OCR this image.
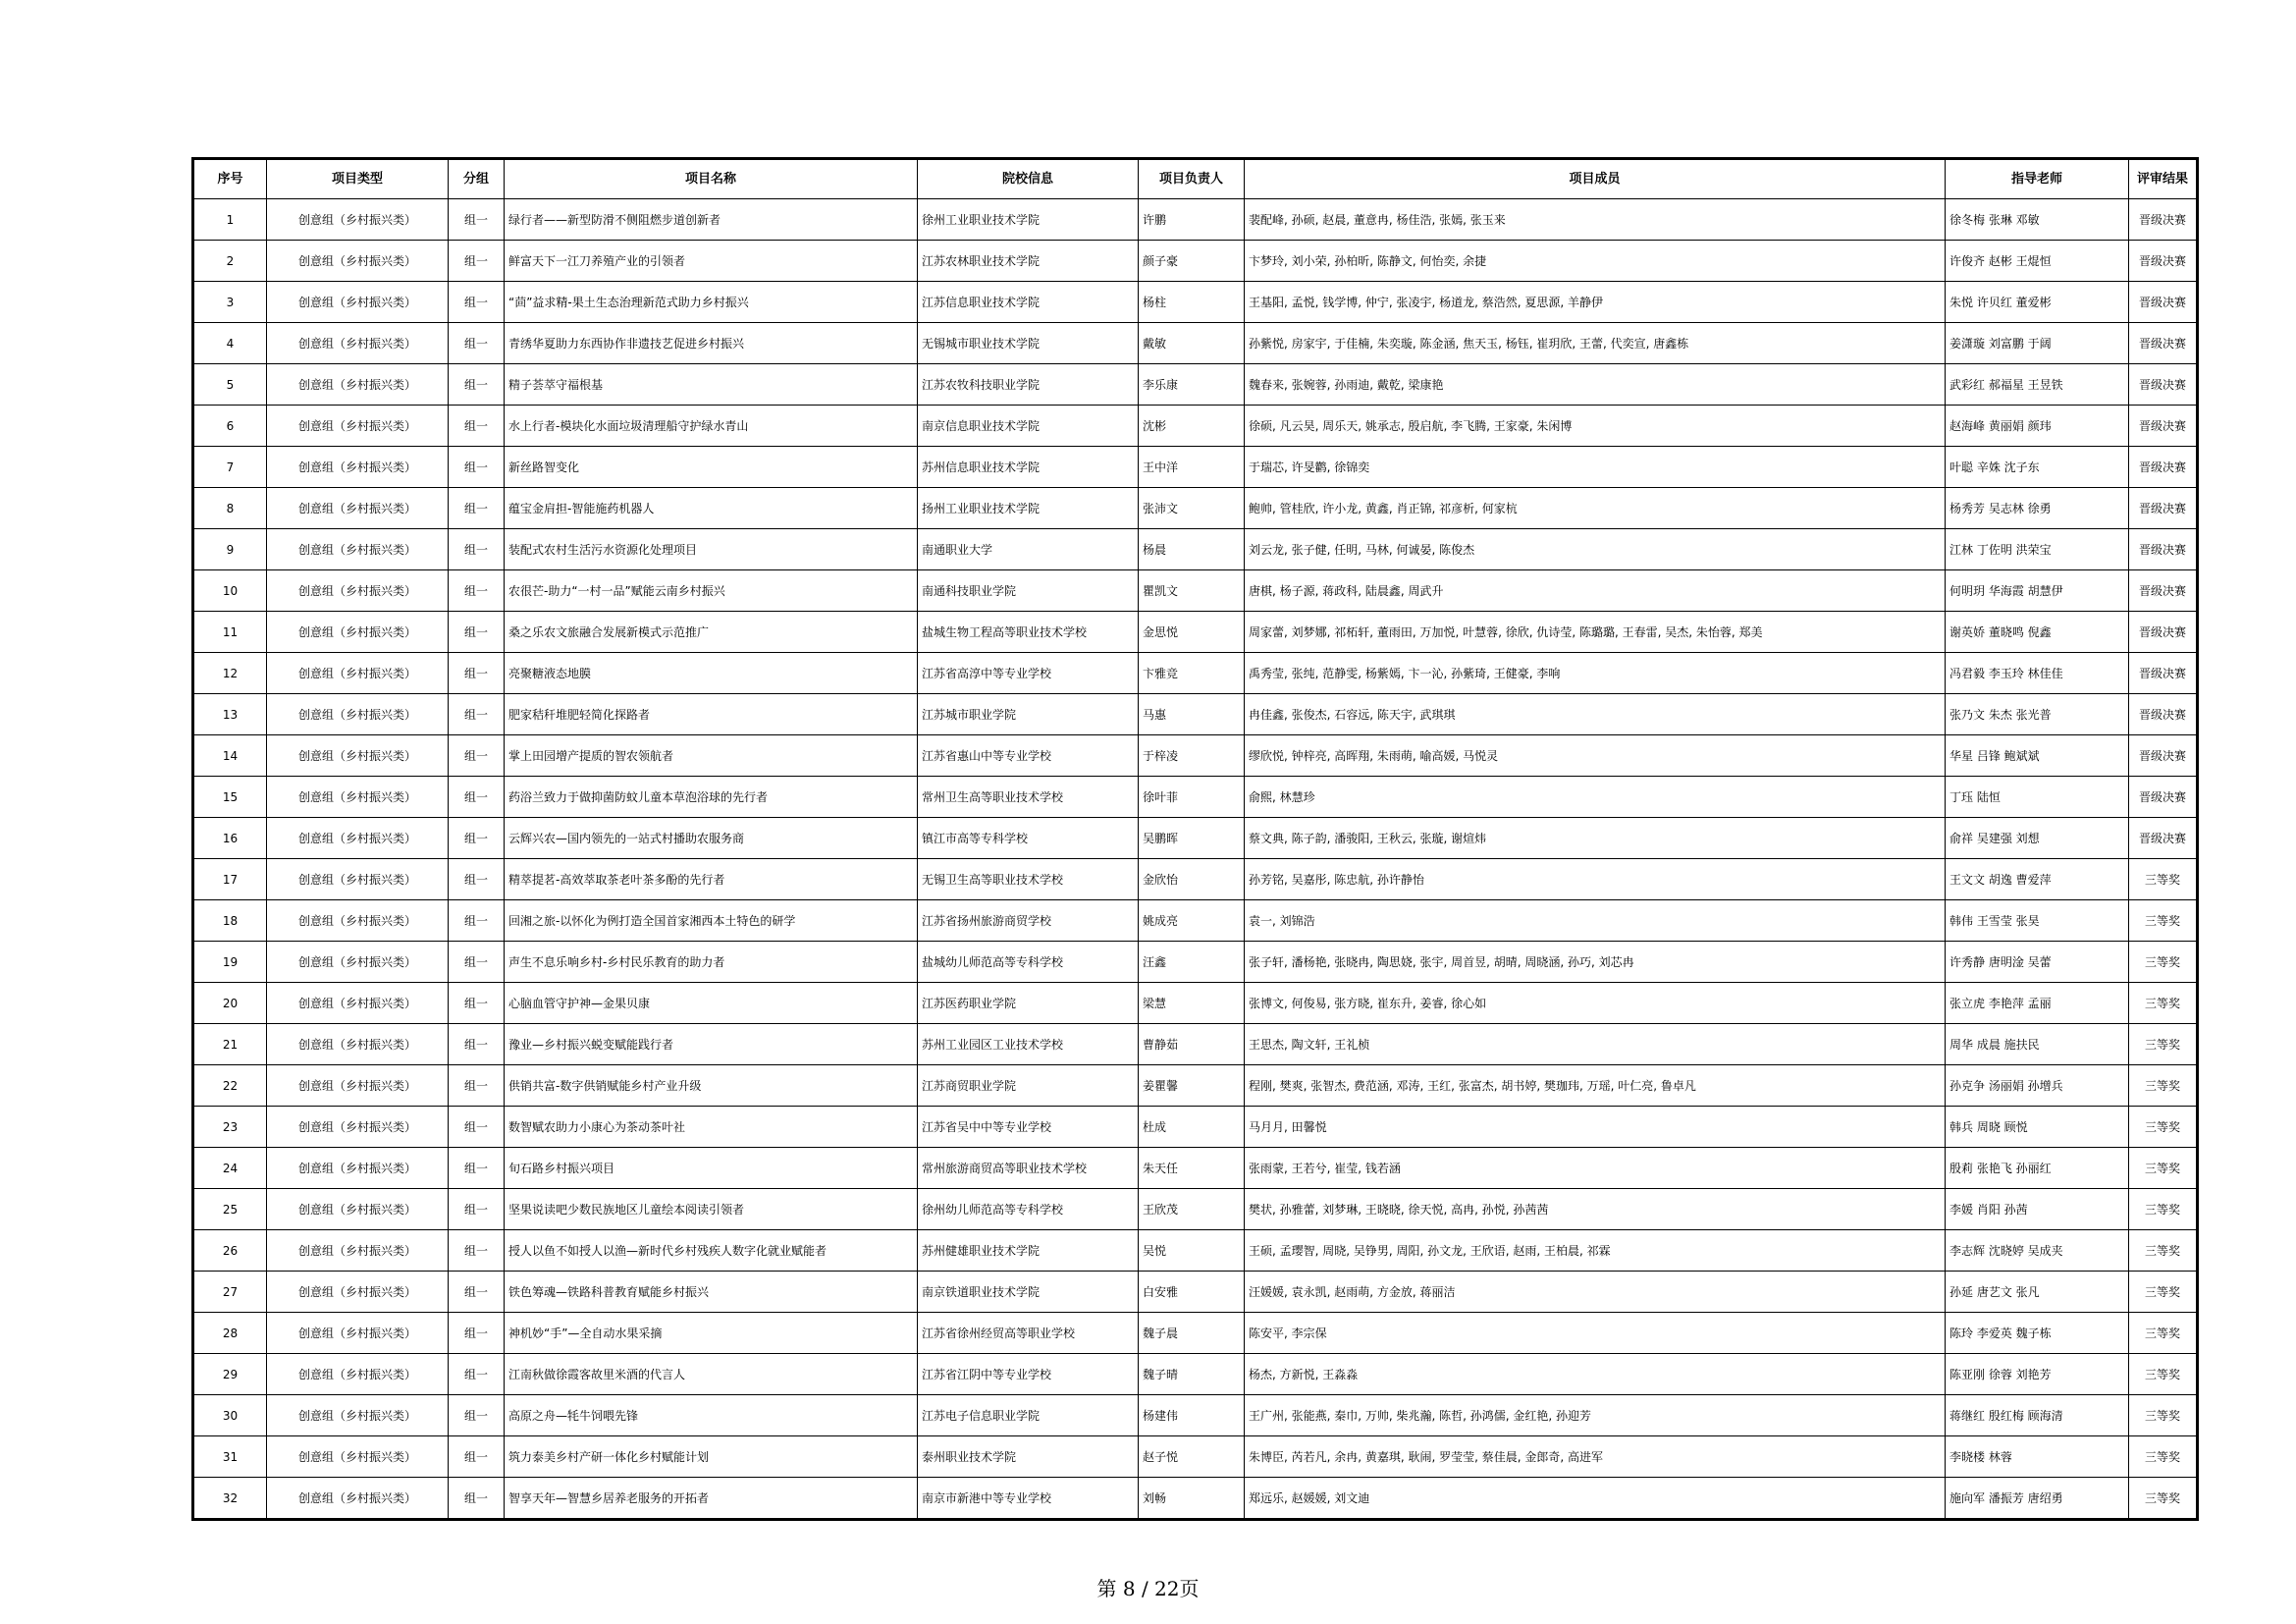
序号	项目类型	分组	项目名称	院校信息	项目负责人	项目成员	指导老师	评审结果
1	创意组（乡村振兴类）	组一	绿行者——新型防滑不侧阻燃步道创新者	徐州工业职业技术学院	许鹏	裴配峰, 孙硕, 赵晨, 董意冉, 杨佳浩, 张嫣, 张玉来	徐冬梅 张琳 邓敏	晋级决赛
2	创意组（乡村振兴类）	组一	鲜富天下一江刀养殖产业的引领者	江苏农林职业技术学院	颜子豪	卞梦玲, 刘小荣, 孙柏昕, 陈静文, 何怡奕, 余捷	许俊齐 赵彬 王焜恒	晋级决赛
3	创意组（乡村振兴类）	组一	“茴”益求精-果土生态治理新范式助力乡村振兴	江苏信息职业技术学院	杨柱	王基阳, 孟悦, 钱学博, 仲宁, 张凌宇, 杨道龙, 蔡浩然, 夏思源, 羊静伊	朱悦 许贝红 董爱彬	晋级决赛
4	创意组（乡村振兴类）	组一	青绣华夏助力东西协作非遗技艺促进乡村振兴	无锡城市职业技术学院	戴敏	孙紫悦, 房家宇, 于佳楠, 朱奕璇, 陈金涵, 焦天玉, 杨钰, 崔玥欣, 王蕾, 代奕宣, 唐鑫栋	姜潇璇 刘富鹏 于阔	晋级决赛
5	创意组（乡村振兴类）	组一	精子荟萃守福根基	江苏农牧科技职业学院	李乐康	魏春来, 张婉蓉, 孙雨迪, 戴乾, 梁康艳	武彩红 郝福星 王昱铁	晋级决赛
6	创意组（乡村振兴类）	组一	水上行者-模块化水面垃圾清理船守护绿水青山	南京信息职业技术学院	沈彬	徐硕, 凡云昊, 周乐天, 姚承志, 殷启航, 李飞腾, 王家豪, 朱闲博	赵海峰 黄丽娟 颜玮	晋级决赛
7	创意组（乡村振兴类）	组一	新丝路智变化	苏州信息职业技术学院	王中洋	于瑞芯, 许旻鹳, 徐锦奕	叶聪 辛姝 沈子东	晋级决赛
8	创意组（乡村振兴类）	组一	蕴宝金肩担-智能施药机器人	扬州工业职业技术学院	张沛文	鲍帅, 管桂欣, 许小龙, 黄鑫, 肖正锦, 祁彦析, 何家杭	杨秀芳 吴志林 徐勇	晋级决赛
9	创意组（乡村振兴类）	组一	装配式农村生活污水资源化处理项目	南通职业大学	杨晨	刘云龙, 张子健, 任明, 马林, 何诚晏, 陈俊杰	江林 丁佐明 洪荣宝	晋级决赛
10	创意组（乡村振兴类）	组一	农很芒-助力“一村一品”赋能云南乡村振兴	南通科技职业学院	瞿凯文	唐棋, 杨子源, 蒋政科, 陆晨鑫, 周武升	何明玥 华海霞 胡慧伊	晋级决赛
11	创意组（乡村振兴类）	组一	桑之乐农文旅融合发展新模式示范推广	盐城生物工程高等职业技术学校	金思悦	周家蕾, 刘梦娜, 祁柘轩, 董雨田, 万加悦, 叶慧蓉, 徐欣, 仇诗莹, 陈璐璐, 王春雷, 吴杰, 朱怡蓉, 郑美	谢英娇 董晓鸣 倪鑫	晋级决赛
12	创意组（乡村振兴类）	组一	亮聚糖液态地膜	江苏省高淳中等专业学校	卞雅竞	禹秀莹, 张纯, 范静雯, 杨紫嫣, 卞一沁, 孙紫琦, 王健豪, 李响	冯君毅 李玉玲 林佳佳	晋级决赛
13	创意组（乡村振兴类）	组一	肥家秸秆堆肥轻简化探路者	江苏城市职业学院	马惠	冉佳鑫, 张俊杰, 石容远, 陈天宇, 武琪琪	张乃文 朱杰 张光普	晋级决赛
14	创意组（乡村振兴类）	组一	掌上田园增产提质的智农领航者	江苏省惠山中等专业学校	于梓凌	缪欣悦, 钟梓亮, 高晖翔, 朱雨萌, 喻高媛, 马悦灵	华星 吕锋 鲍斌斌	晋级决赛
15	创意组（乡村振兴类）	组一	药浴兰致力于做抑菌防蚊儿童本草泡浴球的先行者	常州卫生高等职业技术学校	徐叶菲	俞熙, 林慧珍	丁珏 陆恒	晋级决赛
16	创意组（乡村振兴类）	组一	云辉兴农—国内领先的一站式村播助农服务商	镇江市高等专科学校	吴鹏晖	蔡文典, 陈子韵, 潘骏阳, 王秋云, 张璇, 谢煊炜	俞祥 吴建强 刘想	晋级决赛
17	创意组（乡村振兴类）	组一	精萃提茗-高效萃取茶老叶茶多酚的先行者	无锡卫生高等职业技术学校	金欣怡	孙芳铭, 吴嘉彤, 陈忠航, 孙许静怡	王文文 胡逸 曹爱萍	三等奖
18	创意组（乡村振兴类）	组一	回湘之旅-以怀化为例打造全国首家湘西本土特色的研学	江苏省扬州旅游商贸学校	姚成亮	袁一, 刘锦浩	韩伟 王雪莹 张昊	三等奖
19	创意组（乡村振兴类）	组一	声生不息乐响乡村-乡村民乐教育的助力者	盐城幼儿师范高等专科学校	汪鑫	张子轩, 潘杨艳, 张晓冉, 陶思娆, 张宇, 周首昱, 胡晴, 周晓涵, 孙巧, 刘芯冉	许秀静 唐明淦 吴蕾	三等奖
20	创意组（乡村振兴类）	组一	心脑血管守护神—金果贝康	江苏医药职业学院	梁慧	张博文, 何俊易, 张方晓, 崔东升, 姜睿, 徐心如	张立虎 李艳萍 孟丽	三等奖
21	创意组（乡村振兴类）	组一	豫业—乡村振兴蜕变赋能践行者	苏州工业园区工业技术学校	曹静茹	王思杰, 陶文轩, 王礼桢	周华 成晨 施扶民	三等奖
22	创意组（乡村振兴类）	组一	供销共富-数字供销赋能乡村产业升级	江苏商贸职业学院	姜瞿馨	程刚, 樊爽, 张智杰, 费范涵, 邓涛, 王红, 张富杰, 胡书婷, 樊珈玮, 万瑶, 叶仁亮, 鲁卓凡	孙克争 汤丽娟 孙增兵	三等奖
23	创意组（乡村振兴类）	组一	数智赋农助力小康心为茶动茶叶社	江苏省吴中中等专业学校	杜成	马月月, 田馨悦	韩兵 周晓 顾悦	三等奖
24	创意组（乡村振兴类）	组一	旬石路乡村振兴项目	常州旅游商贸高等职业技术学校	朱天任	张雨蒙, 王若兮, 崔莹, 钱若涵	殷莉 张艳飞 孙丽红	三等奖
25	创意组（乡村振兴类）	组一	坚果说读吧少数民族地区儿童绘本阅读引领者	徐州幼儿师范高等专科学校	王欣茂	樊状, 孙雅蕾, 刘梦琳, 王晓晓, 徐天悦, 高冉, 孙悦, 孙茜茜	李媛 肖阳 孙茜	三等奖
26	创意组（乡村振兴类）	组一	授人以鱼不如授人以渔—新时代乡村残疾人数字化就业赋能者	苏州健雄职业技术学院	吴悦	王硕, 孟璎智, 周晓, 吴铮男, 周阳, 孙文龙, 王欣语, 赵雨, 王柏晨, 祁霖	李志辉 沈晓婷 吴成夹	三等奖
27	创意组（乡村振兴类）	组一	铁色筹魂—铁路科普教育赋能乡村振兴	南京铁道职业技术学院	白安雅	汪媛媛, 袁永凯, 赵雨萌, 方金放, 蒋丽洁	孙延 唐艺文 张凡	三等奖
28	创意组（乡村振兴类）	组一	神机妙“手”—全自动水果采摘	江苏省徐州经贸高等职业学校	魏子晨	陈安平, 李宗保	陈玲 李爱英 魏子栋	三等奖
29	创意组（乡村振兴类）	组一	江南秋做徐霞客故里米酒的代言人	江苏省江阴中等专业学校	魏子晴	杨杰, 方新悦, 王淼淼	陈亚刚 徐蓉 刘艳芳	三等奖
30	创意组（乡村振兴类）	组一	高原之舟—牦牛饲喂先锋	江苏电子信息职业学院	杨建伟	王广州, 张能燕, 秦巾, 万帅, 柴兆瀚, 陈哲, 孙鸿儒, 金红艳, 孙迎芳	蒋继红 殷红梅 顾海清	三等奖
31	创意组（乡村振兴类）	组一	筑力泰美乡村产研一体化乡村赋能计划	泰州职业技术学院	赵子悦	朱博臣, 芮若凡, 余冉, 黄嘉琪, 耿闹, 罗莹莹, 蔡佳晨, 金郎奇, 高进军	李晓楼 林蓉	三等奖
32	创意组（乡村振兴类）	组一	智享天年—智慧乡居养老服务的开拓者	南京市新港中等专业学校	刘畅	郑远乐, 赵媛媛, 刘文迪	施向军 潘振芳 唐绍勇	三等奖
第 8 / 22页
